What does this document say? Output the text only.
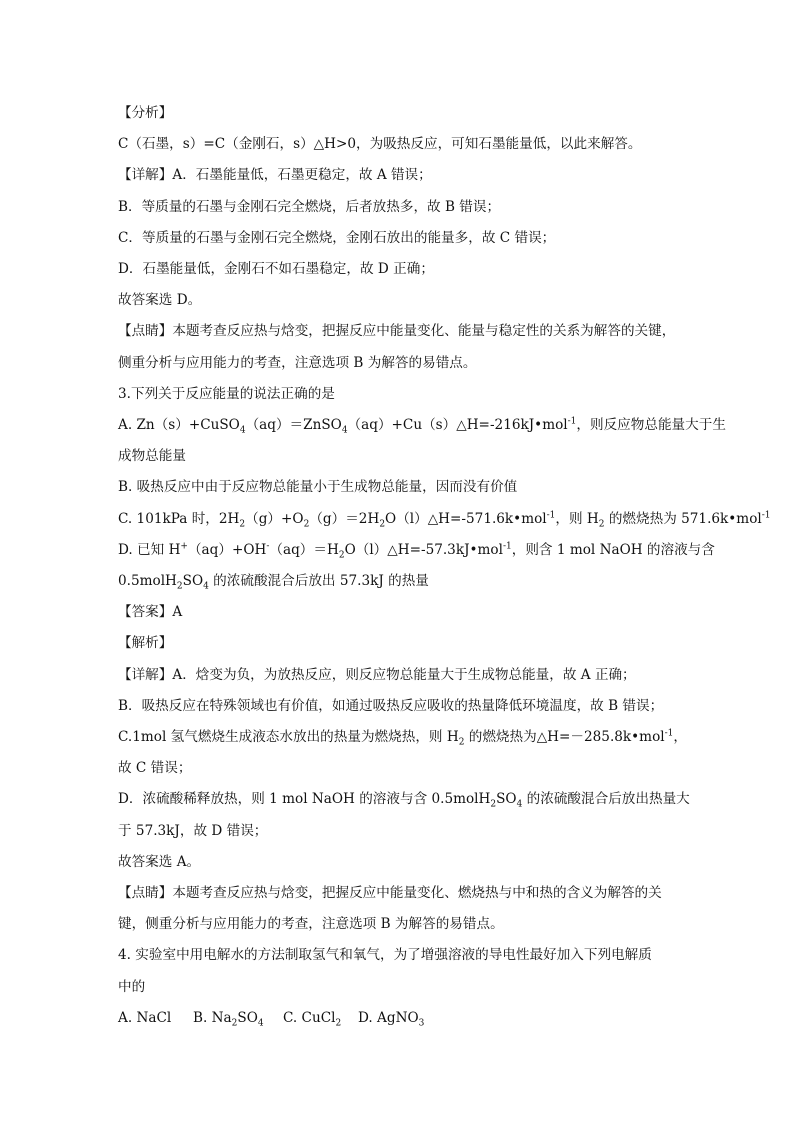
【分析】
C（石墨，s）=C（金刚石，s）△H>0，为吸热反应，可知石墨能量低，以此来解答。
【详解】A．石墨能量低，石墨更稳定，故 A 错误；
B．等质量的石墨与金刚石完全燃烧，后者放热多，故 B 错误；
C．等质量的石墨与金刚石完全燃烧，金刚石放出的能量多，故 C 错误；
D．石墨能量低，金刚石不如石墨稳定，故 D 正确；
故答案选 D。
【点睛】本题考查反应热与焓变，把握反应中能量变化、能量与稳定性的关系为解答的关键，
侧重分析与应用能力的考查，注意选项 B 为解答的易错点。
3.下列关于反应能量的说法正确的是
A. Zn（s）+CuSO$_4$（aq）＝ZnSO$_4$（aq）+Cu（s）△H=-216kJ•mol$^{-1}$，则反应物总能量大于生
成物总能量
B. 吸热反应中由于反应物总能量小于生成物总能量，因而没有价值
C. 101kPa 时，$2H_2(g)+O_2(g)=2H_2O(l)\triangle H=-571.6k•mol^{-1}$，则 $H_2$ 的燃烧热为 571.6k•mol$^{-1}$
D. 已知 $H^+(aq)+OH^-(aq)=H_2O(l)\triangle H=-57.3kJ•mol^{-1}$，则含 1 mol NaOH 的溶液与含
$0.5molH_2SO_4$ 的浓硫酸混合后放出 57.3kJ 的热量
【答案】A
【解析】
【详解】A．焓变为负，为放热反应，则反应物总能量大于生成物总能量，故 A 正确；
B．吸热反应在特殊领域也有价值，如通过吸热反应吸收的热量降低环境温度，故 B 错误；
C.1mol 氢气燃烧生成液态水放出的热量为燃烧热，则 $H_2$ 的燃烧热为△H=－285.8k•mol$^{-1}$，
故 C 错误；
D．浓硫酸稀释放热，则 1 mol NaOH 的溶液与含 $0.5molH_2SO_4$ 的浓硫酸混合后放出热量大
于 57.3kJ，故 D 错误；
故答案选 A。
【点睛】本题考查反应热与焓变，把握反应中能量变化、燃烧热与中和热的含义为解答的关
键，侧重分析与应用能力的考查，注意选项 B 为解答的易错点。
4. 实验室中用电解水的方法制取氢气和氧气，为了增强溶液的导电性最好加入下列电解质
中的
A. NaCl B. $Na_2SO_4$ C. CuCl$_2$ D. AgNO$_3$
